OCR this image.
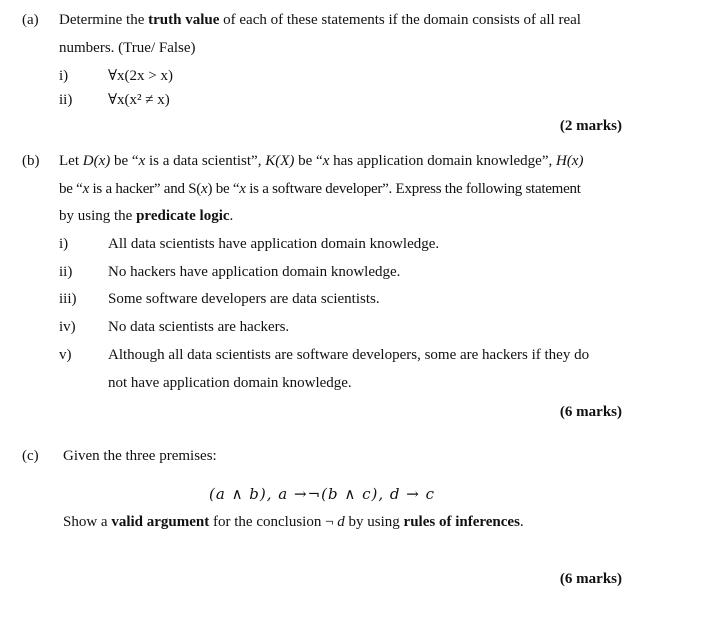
(a) Determine the truth value of each of these statements if the domain consists of all real
numbers. (True/ False)
i)	∀x(2x > x)
ii) ∀x(x² ≠ x)
(2 marks)
(b) Let D(x) be “x is a data scientist”, K(X) be “x has application domain knowledge”, H(x)
be “x is a hacker” and S(x) be “x is a software developer”. Express the following statement
by using the predicate logic.
i)	All data scientists have application domain knowledge.
ii) No hackers have application domain knowledge.
iii) Some software developers are data scientists.
iv) No data scientists are hackers.
v) Although all data scientists are software developers, some are hackers if they do
not have application domain knowledge.
(6 marks)
(c) Given the three premises:
(a ∧ b), a →¬(b ∧ c), d → c
Show a valid argument for the conclusion ¬ d by using rules of inferences.
(6 marks)
